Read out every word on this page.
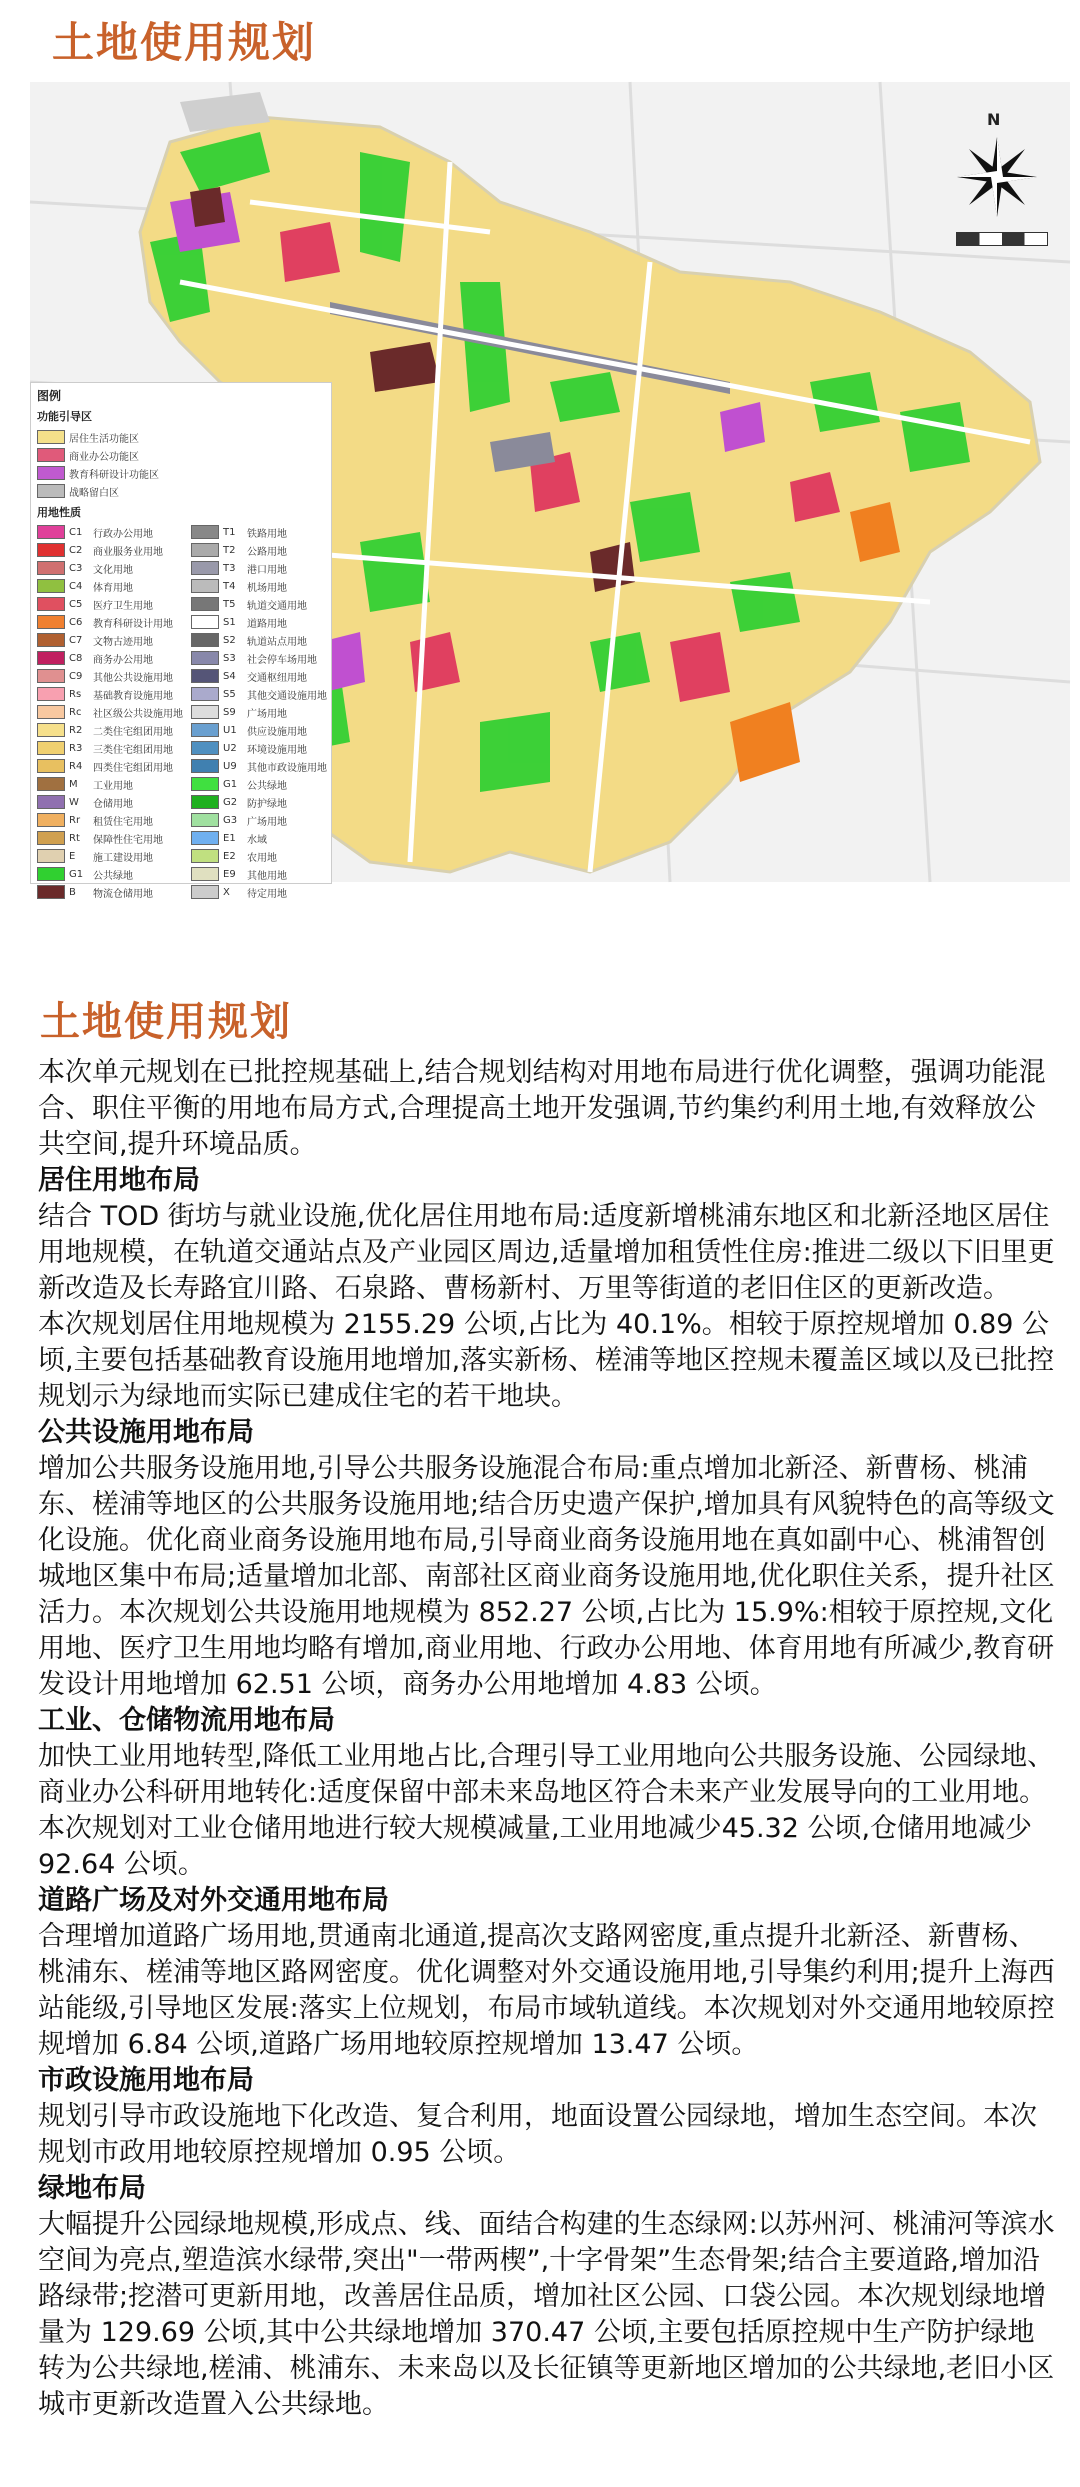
土地使用规划
N
图例
功能引导区
居住生活功能区
商业办公功能区
教育科研设计功能区
战略留白区
用地性质
C1	行政办公用地	T1	铁路用地
C2	商业服务业用地	T2	公路用地
C3	文化用地	T3	港口用地
C4	体育用地	T4	机场用地
C5	医疗卫生用地	T5	轨道交通用地
C6	教育科研设计用地	S1	道路用地
C7	文物古迹用地	S2	轨道站点用地
C8	商务办公用地	S3	社会停车场用地
C9	其他公共设施用地	S4	交通枢纽用地
Rs	基础教育设施用地	S5	其他交通设施用地
Rc	社区级公共设施用地	S9	广场用地
R2	二类住宅组团用地	U1	供应设施用地
R3	三类住宅组团用地	U2	环境设施用地
R4	四类住宅组团用地	U9	其他市政设施用地
M	工业用地	G1 公共绿地
W	仓储用地	G2 防护绿地
Rr	租赁住宅用地	G3 广场用地
Rt	保障性住宅用地	E1	水域
E	施工建设用地	E2	农用地
G1 公共绿地	E9	其他用地
B	物流仓储用地	X	待定用地
土地使用规划

本次单元规划在已批控规基础上,结合规划结构对用地布局进行优化调整，强调功能混合、职住平衡的用地布局方式,合理提高土地开发强调,节约集约利用土地,有效释放公共空间,提升环境品质。

居住用地布局

结合 TOD 街坊与就业设施,优化居住用地布局:适度新增桃浦东地区和北新泾地区居住用地规模，在轨道交通站点及产业园区周边,适量增加租赁性住房:推进二级以下旧里更新改造及长寿路宜川路、石泉路、曹杨新村、万里等街道的老旧住区的更新改造。

本次规划居住用地规模为 2155.29 公顷,占比为 40.1%。相较于原控规增加 0.89 公顷,主要包括基础教育设施用地增加,落实新杨、槎浦等地区控规未覆盖区域以及已批控规划示为绿地而实际已建成住宅的若干地块。

公共设施用地布局

增加公共服务设施用地,引导公共服务设施混合布局:重点增加北新泾、新曹杨、桃浦东、槎浦等地区的公共服务设施用地;结合历史遗产保护,增加具有风貌特色的高等级文化设施。优化商业商务设施用地布局,引导商业商务设施用地在真如副中心、桃浦智创城地区集中布局;适量增加北部、南部社区商业商务设施用地,优化职住关系，提升社区活力。本次规划公共设施用地规模为 852.27 公顷,占比为 15.9%:相较于原控规,文化用地、医疗卫生用地均略有增加,商业用地、行政办公用地、体育用地有所减少,教育研发设计用地增加 62.51 公顷，商务办公用地增加 4.83 公顷。

工业、仓储物流用地布局

加快工业用地转型,降低工业用地占比,合理引导工业用地向公共服务设施、公园绿地、商业办公科研用地转化:适度保留中部未来岛地区符合未来产业发展导向的工业用地。本次规划对工业仓储用地进行较大规模减量,工业用地减少45.32 公顷,仓储用地减少 92.64 公顷。

道路广场及对外交通用地布局

合理增加道路广场用地,贯通南北通道,提高次支路网密度,重点提升北新泾、新曹杨、桃浦东、槎浦等地区路网密度。优化调整对外交通设施用地,引导集约利用;提升上海西站能级,引导地区发展:落实上位规划，布局市域轨道线。本次规划对外交通用地较原控规增加 6.84 公顷,道路广场用地较原控规增加 13.47 公顷。

市政设施用地布局

规划引导市政设施地下化改造、复合利用，地面设置公园绿地，增加生态空间。本次规划市政用地较原控规增加 0.95 公顷。

绿地布局

大幅提升公园绿地规模,形成点、线、面结合构建的生态绿网:以苏州河、桃浦河等滨水空间为亮点,塑造滨水绿带,突出"一带两楔”,十字骨架”生态骨架;结合主要道路,增加沿路绿带;挖潜可更新用地，改善居住品质，增加社区公园、口袋公园。本次规划绿地增量为 129.69 公顷,其中公共绿地增加 370.47 公顷,主要包括原控规中生产防护绿地转为公共绿地,槎浦、桃浦东、未来岛以及长征镇等更新地区增加的公共绿地,老旧小区城市更新改造置入公共绿地。
